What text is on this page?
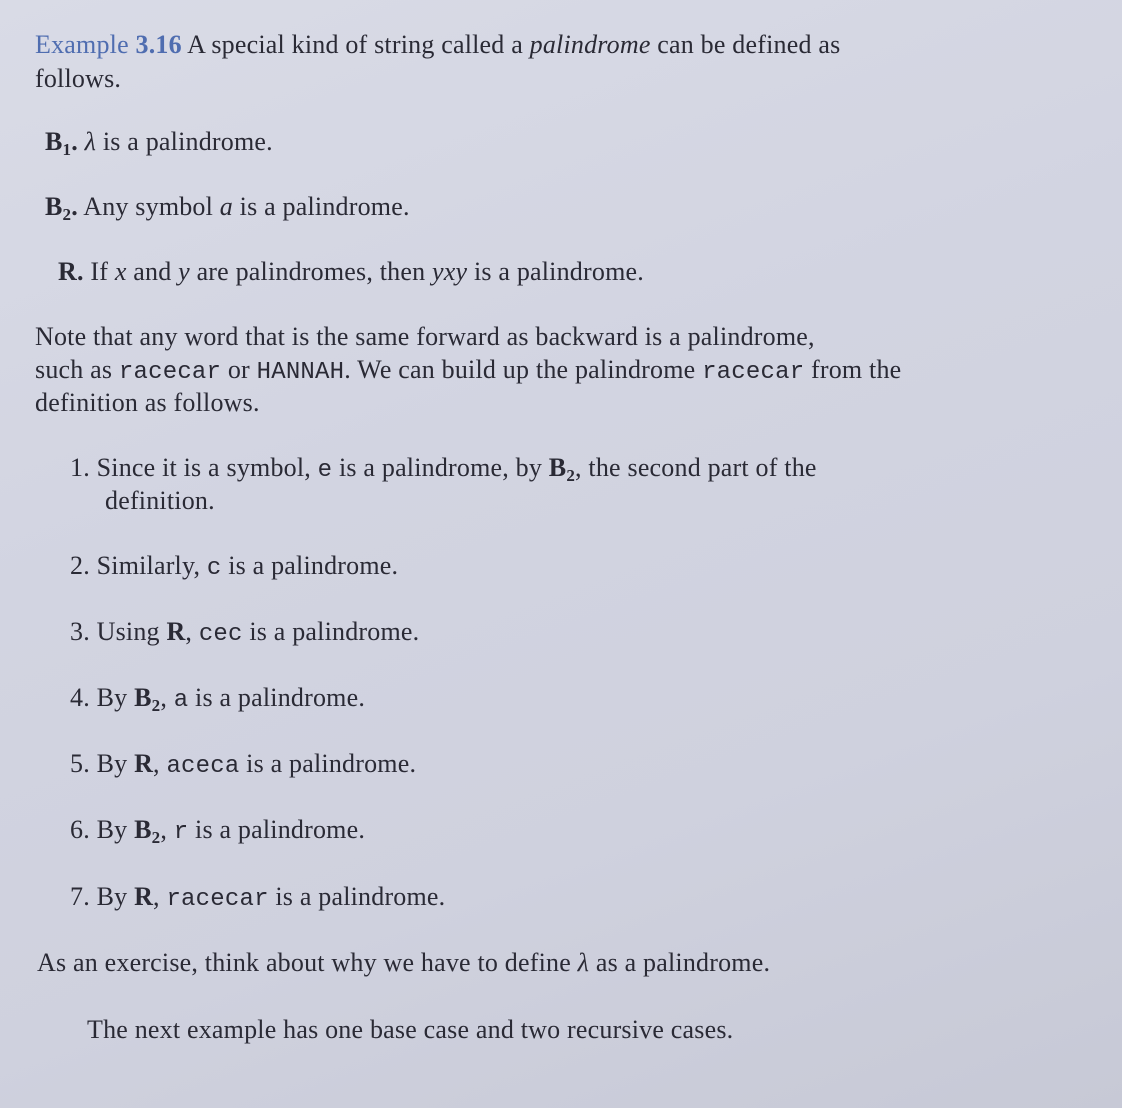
Example 3.16 A special kind of string called a palindrome can be defined as
follows.
$B_1$. λ is a palindrome.
$B_2$. Any symbol a is a palindrome.
R. If x and y are palindromes, then yxy is a palindrome.
Note that any word that is the same forward as backward is a palindrome,
such as racecar or HANNAH. We can build up the palindrome racecar from the
definition as follows.
1. Since it is a symbol, e is a palindrome, by $B_2$, the second part of the
definition.
2. Similarly, c is a palindrome.
3. Using R, cec is a palindrome.
4. By $B_2$, a is a palindrome.
5. By R, aceca is a palindrome.
6. By $B_2$, r is a palindrome.
7. By R, racecar is a palindrome.
As an exercise, think about why we have to define λ as a palindrome.
The next example has one base case and two recursive cases.
